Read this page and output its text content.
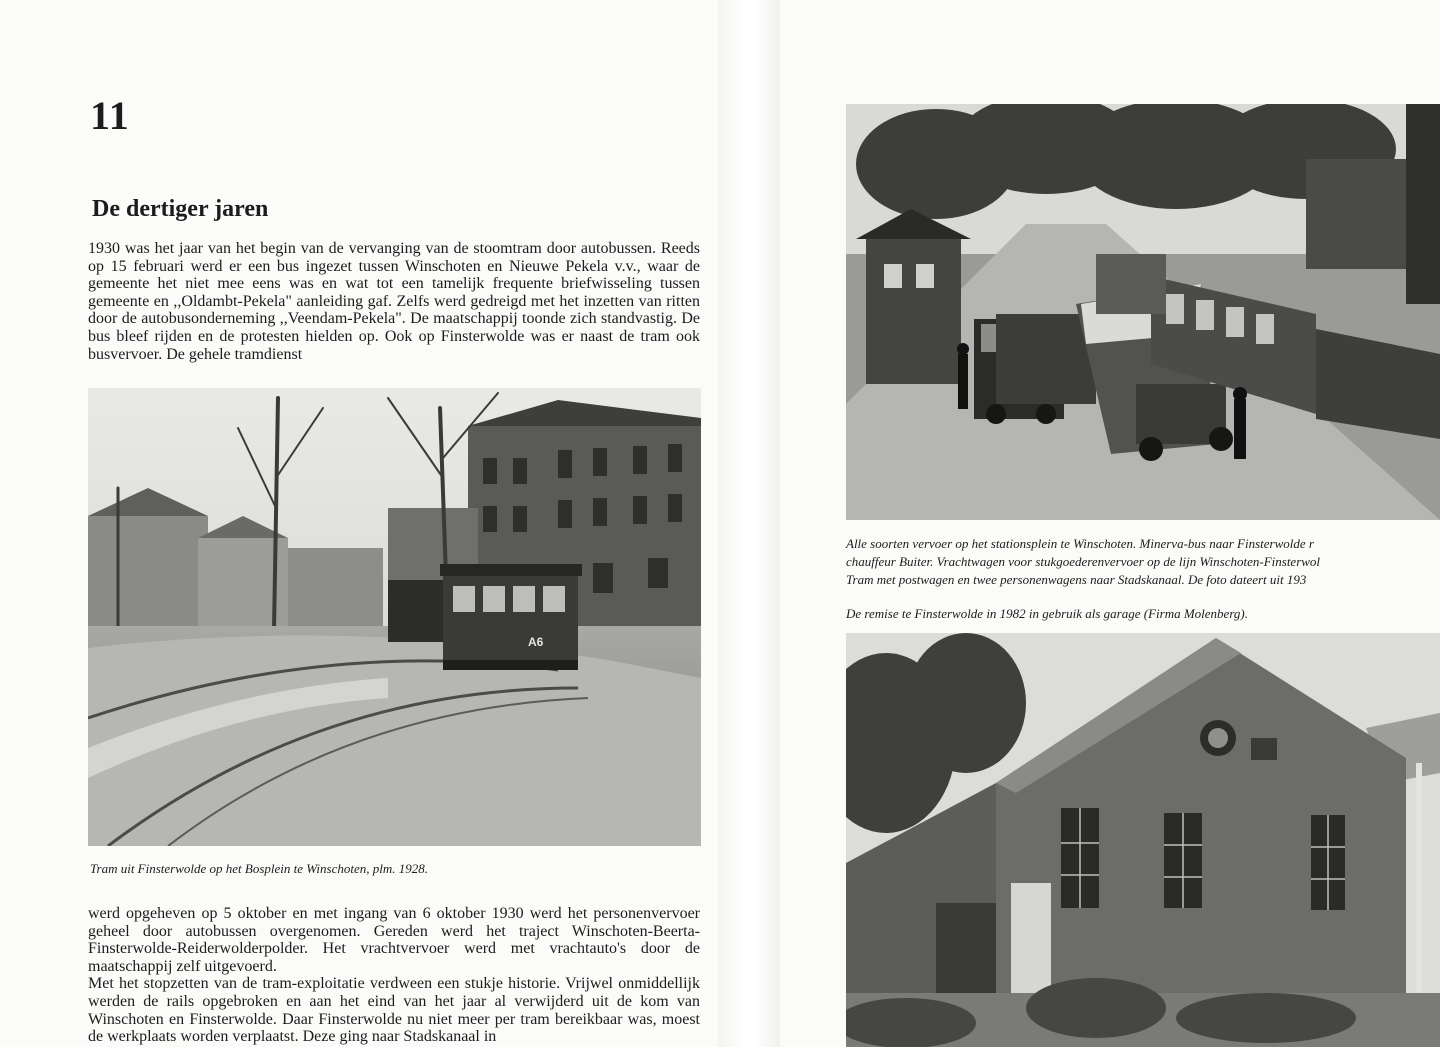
11
De dertiger jaren

1930 was het jaar van het begin van de vervanging van de stoomtram door autobussen. Reeds op 15 februari werd er een bus ingezet tussen Winschoten en Nieuwe Pekela v.v., waar de gemeente het niet mee eens was en wat tot een tamelijk frequente briefwisseling tussen gemeente en ,,Oldambt-Pekela" aanleiding gaf. Zelfs werd gedreigd met het inzetten van ritten door de autobusonderneming ,,Veendam-Pekela". De maatschappij toonde zich standvastig. De bus bleef rijden en de protesten hielden op. Ook op Finsterwolde was er naast de tram ook busvervoer. De gehele tramdienst

A6

Tram uit Finsterwolde op het Bosplein te Winschoten, plm. 1928.

werd opgeheven op 5 oktober en met ingang van 6 oktober 1930 werd het personenvervoer geheel door autobussen overgenomen. Gereden werd het traject Winschoten-Beerta-Finsterwolde-Reiderwolderpolder. Het vrachtvervoer werd met vrachtauto's door de maatschappij zelf uitgevoerd.
Met het stopzetten van de tram-exploitatie verdween een stukje historie. Vrijwel onmiddellijk werden de rails opgebroken en aan het eind van het jaar al verwijderd uit de kom van Winschoten en Finsterwolde. Daar Finsterwolde nu niet meer per tram bereikbaar was, moest de werkplaats worden verplaatst. Deze ging naar Stadskanaal in
Alle soorten vervoer op het stationsplein te Winschoten. Minerva-bus naar Finsterwolde r
chauffeur Buiter. Vrachtwagen voor stukgoederenvervoer op de lijn Winschoten-Finsterwol
Tram met postwagen en twee personenwagens naar Stadskanaal. De foto dateert uit 193

De remise te Finsterwolde in 1982 in gebruik als garage (Firma Molenberg).
